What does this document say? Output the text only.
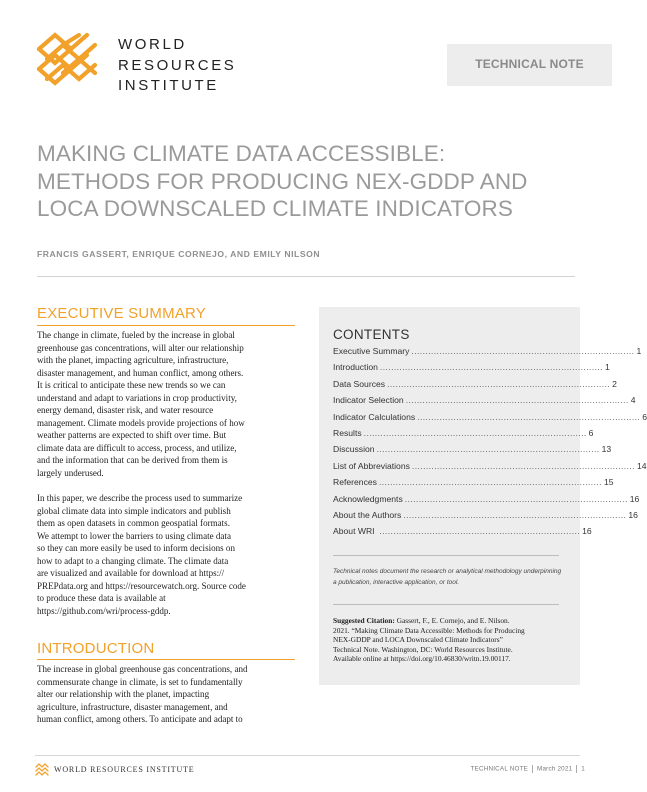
WORLD
RESOURCES
INSTITUTE
TECHNICAL NOTE
MAKING CLIMATE DATA ACCESSIBLE:
METHODS FOR PRODUCING NEX-GDDP AND
LOCA DOWNSCALED CLIMATE INDICATORS
FRANCIS GASSERT, ENRIQUE CORNEJO, AND EMILY NILSON
EXECUTIVE SUMMARY
The change in climate, fueled by the increase in global
greenhouse gas concentrations, will alter our relationship
with the planet, impacting agriculture, infrastructure,
disaster management, and human conflict, among others.
It is critical to anticipate these new trends so we can
understand and adapt to variations in crop productivity,
energy demand, disaster risk, and water resource
management. Climate models provide projections of how
weather patterns are expected to shift over time. But
climate data are difficult to access, process, and utilize,
and the information that can be derived from them is
largely underused.
In this paper, we describe the process used to summarize
global climate data into simple indicators and publish
them as open datasets in common geospatial formats.
We attempt to lower the barriers to using climate data
so they can more easily be used to inform decisions on
how to adapt to a changing climate. The climate data
are visualized and available for download at https://
PREPdata.org and https://resourcewatch.org. Source code
to produce these data is available at
https://github.com/wri/process-gddp.
INTRODUCTION
The increase in global greenhouse gas concentrations, and
commensurate change in climate, is set to fundamentally
alter our relationship with the planet, impacting
agriculture, infrastructure, disaster management, and
human conflict, among others. To anticipate and adapt to
CONTENTS
Executive Summary ................................................................................ 1
Introduction ................................................................................ 1
Data Sources ................................................................................ 2
Indicator Selection ................................................................................ 4
Indicator Calculations ................................................................................ 6
Results ................................................................................ 6
Discussion ................................................................................ 13
List of Abbreviations ................................................................................ 14
References ................................................................................ 15
Acknowledgments ................................................................................ 16
About the Authors ................................................................................ 16
About WRI ........................................................................ 16
Technical notes document the research or analytical methodology underpinning
a publication, interactive application, or tool.
Suggested Citation: Gassert, F., E. Cornejo, and E. Nilson.
2021. “Making Climate Data Accessible: Methods for Producing
NEX-GDDP and LOCA Downscaled Climate Indicators”
Technical Note. Washington, DC: World Resources Institute.
Available online at https://doi.org/10.46830/writn.19.00117.
WORLD RESOURCES INSTITUTE	TECHNICAL NOTE March 2021 1
